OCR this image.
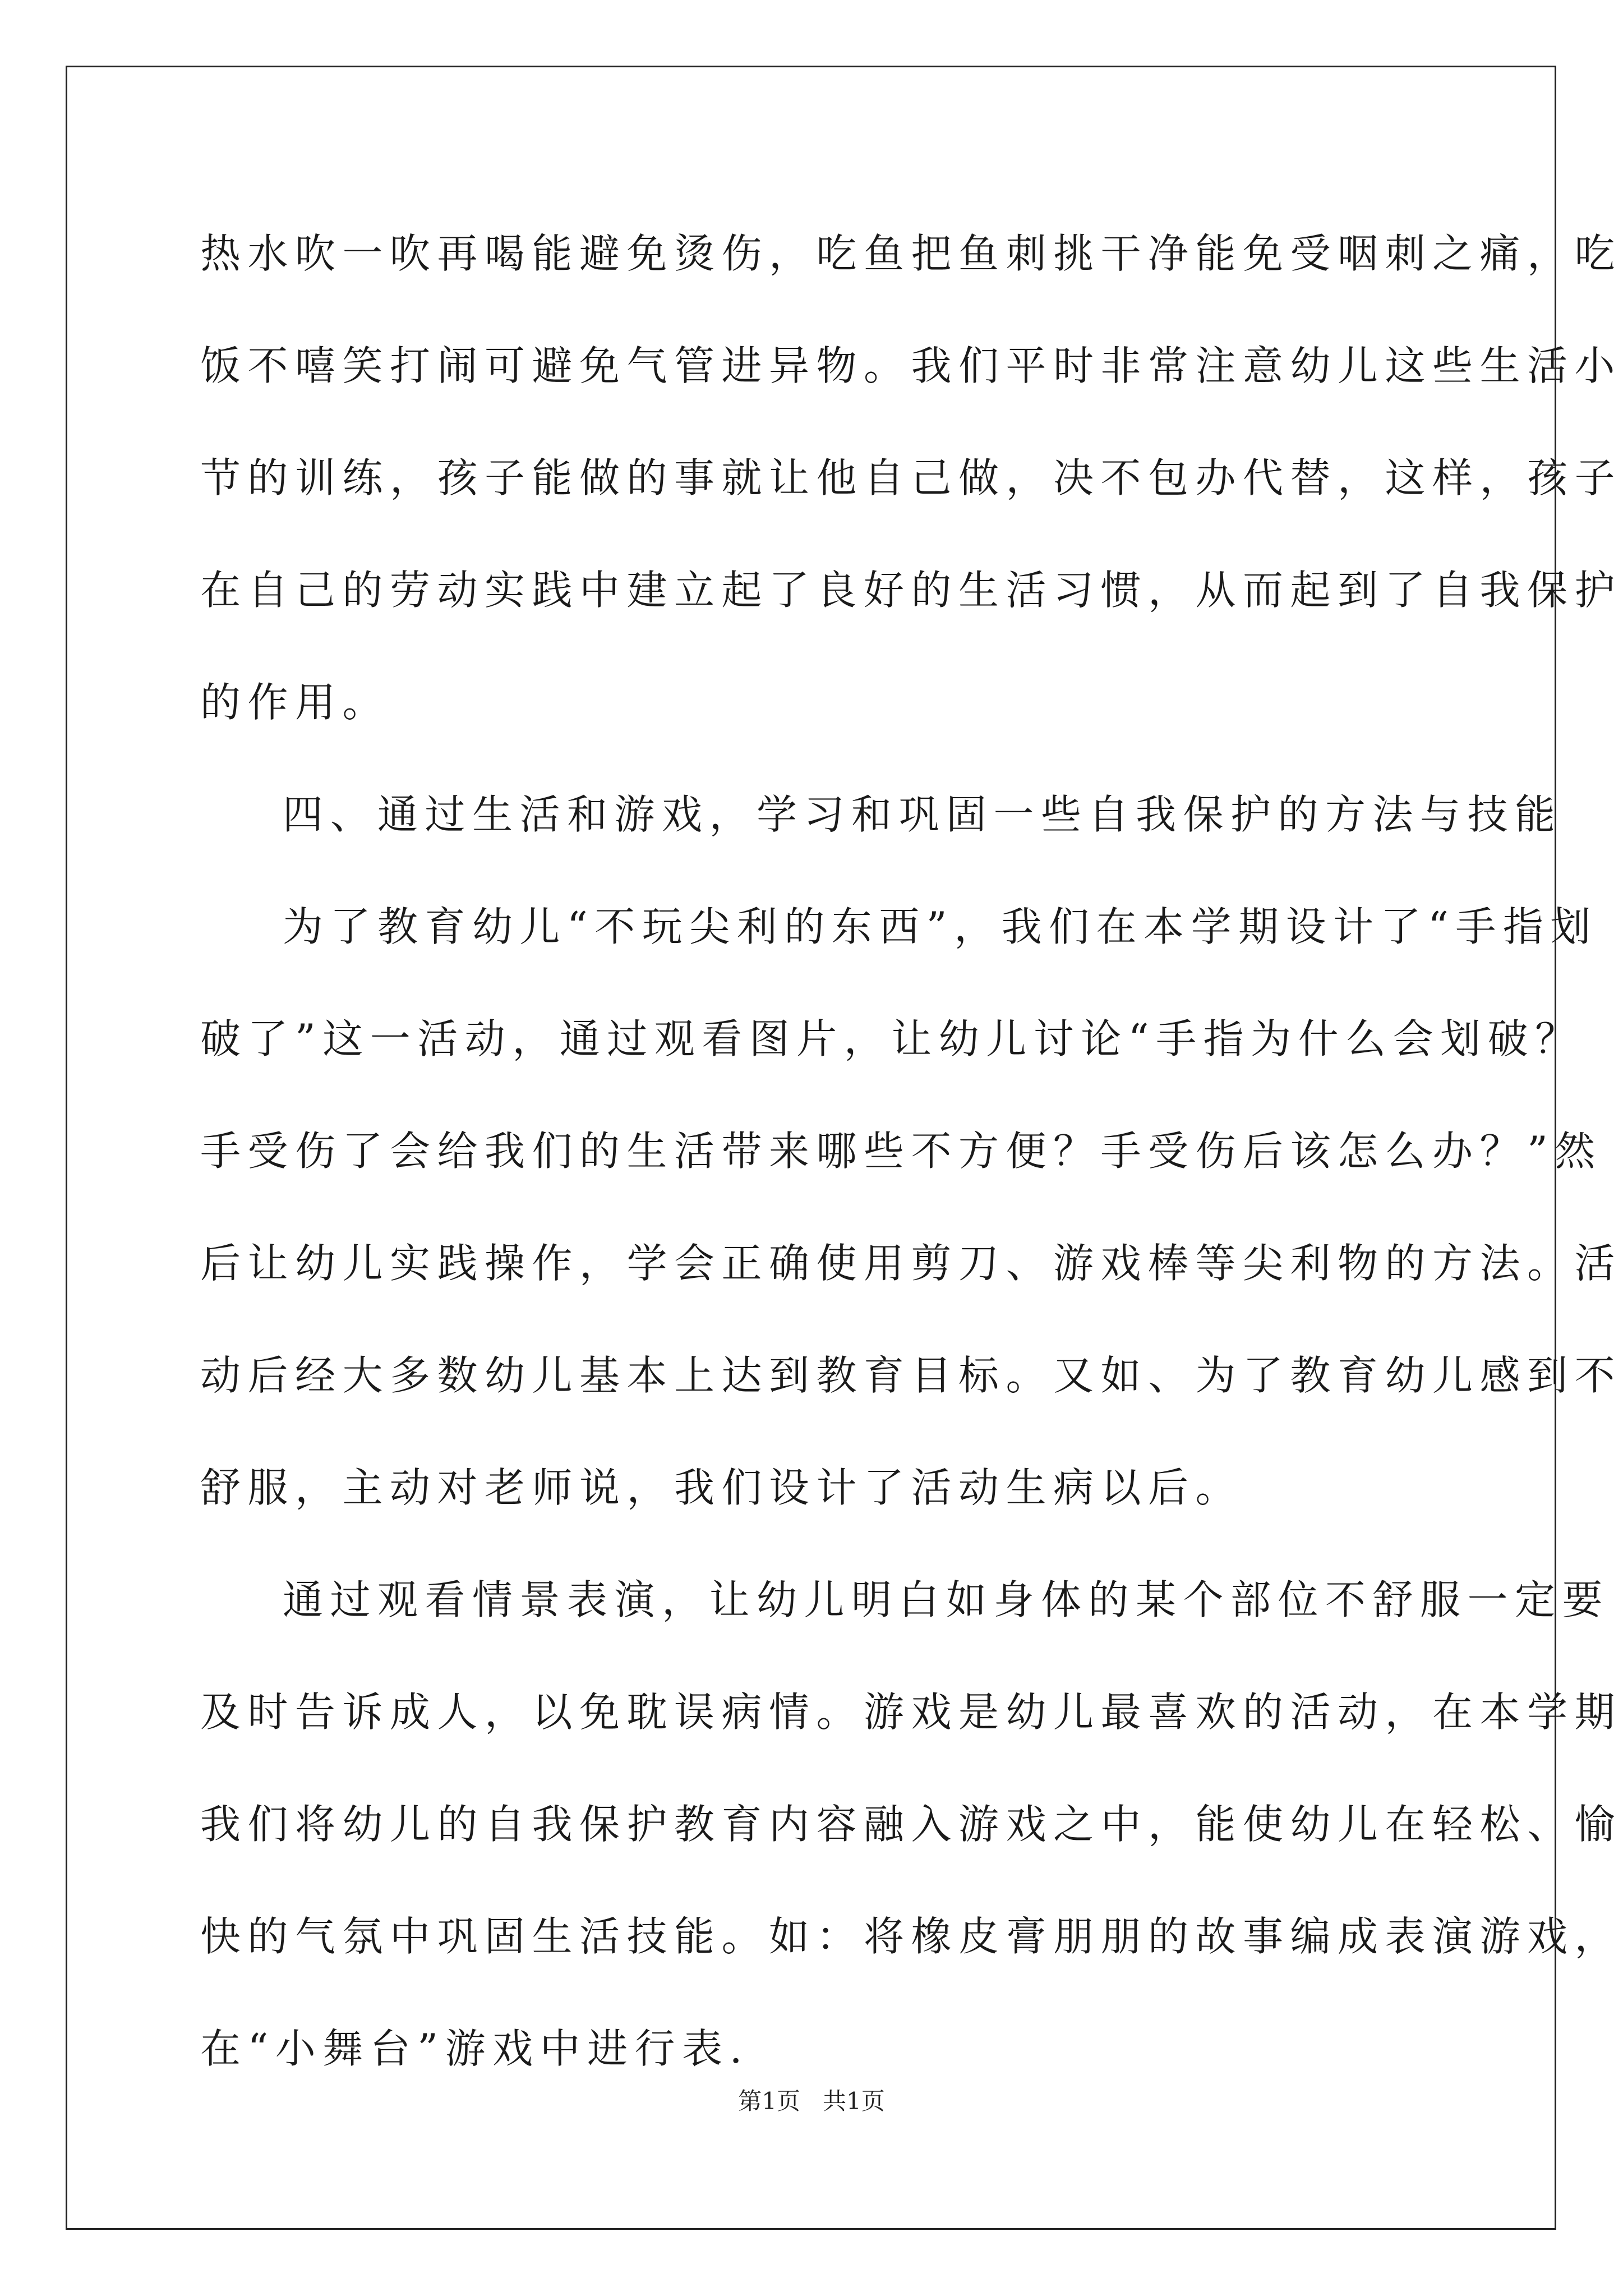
热水吹一吹再喝能避免烫伤，吃鱼把鱼刺挑干净能免受咽刺之痛，吃
饭不嘻笑打闹可避免气管进异物。我们平时非常注意幼儿这些生活小
节的训练，孩子能做的事就让他自己做，决不包办代替，这样，孩子
在自己的劳动实践中建立起了良好的生活习惯，从而起到了自我保护
的作用。
四、通过生活和游戏，学习和巩固一些自我保护的方法与技能
为了教育幼儿“不玩尖利的东西”，我们在本学期设计了“手指划
破了”这一活动，通过观看图片，让幼儿讨论“手指为什么会划破？
手受伤了会给我们的生活带来哪些不方便？手受伤后该怎么办？”然
后让幼儿实践操作，学会正确使用剪刀、游戏棒等尖利物的方法。活
动后经大多数幼儿基本上达到教育目标。又如、为了教育幼儿感到不
舒服，主动对老师说，我们设计了活动生病以后。
通过观看情景表演，让幼儿明白如身体的某个部位不舒服一定要
及时告诉成人，以免耽误病情。游戏是幼儿最喜欢的活动，在本学期
我们将幼儿的自我保护教育内容融入游戏之中，能使幼儿在轻松、愉
快的气氛中巩固生活技能。如：将橡皮膏朋朋的故事编成表演游戏，
在“小舞台”游戏中进行表.
第1页   共1页
